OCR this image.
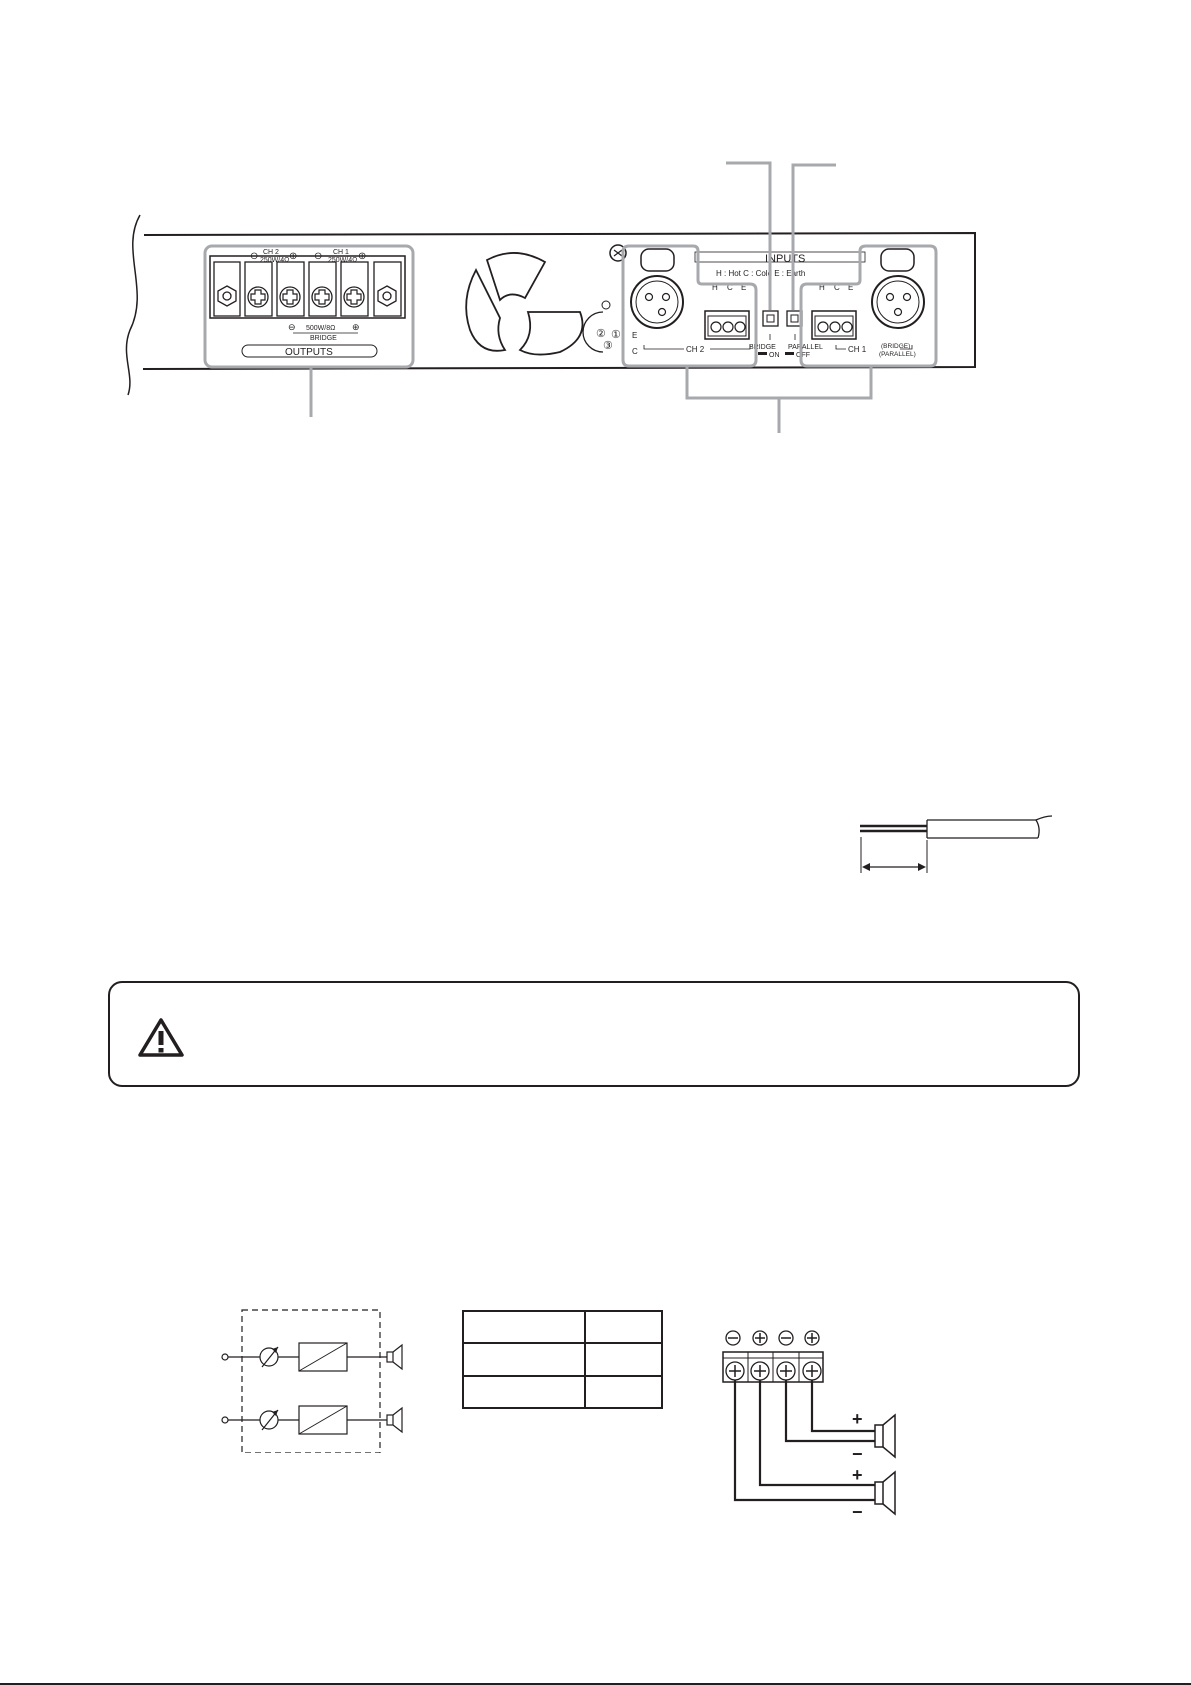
⊖ CH 2
250W/4Ω ⊕ ⊖ CH 1
250W/4Ω ⊕
⊖ 500W/8Ω ⊕
BRIDGE
OUTPUTS
①
②
③
INPUTS
H : Hot C : Cold E : Earth
H C E
E
C	CH 2	BRIDGE PARALLEL
ON OFF
H C E
CH 1 (BRIDGE)
(PARALLEL)

+
−
+
−
